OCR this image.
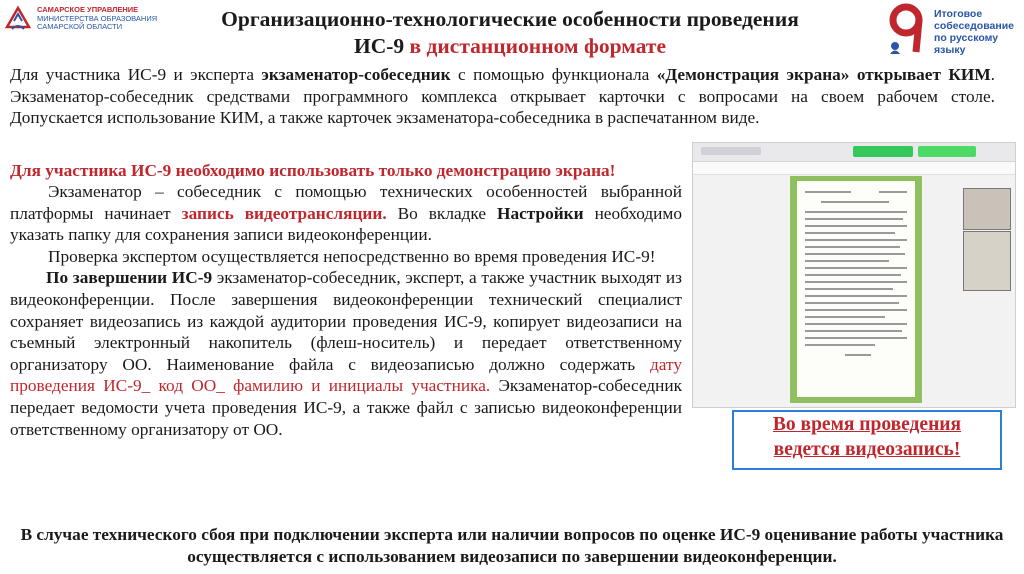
САМАРСКОЕ УПРАВЛЕНИЕ
МИНИСТЕРСТВА ОБРАЗОВАНИЯ
САМАРСКОЙ ОБЛАСТИ	Организационно-технологические особенности проведения
ИС-9 в дистанционном формате
Итоговое
собеседование
по русскому языку
Для участника ИС-9 и эксперта экзаменатор-собеседник с помощью функционала «Демонстрация экрана» открывает КИМ. Экзаменатор-собеседник средствами программного комплекса открывает карточки с вопросами на своем рабочем столе. Допускается использование КИМ, а также карточек экзаменатора-собеседника в распечатанном виде.
Для участника ИС-9 необходимо использовать только демонстрацию экрана!

Экзаменатор – собеседник с помощью технических особенностей выбранной платформы начинает запись видеотрансляции. Во вкладке Настройки необходимо указать папку для сохранения записи видеоконференции.

Проверка экспертом осуществляется непосредственно во время проведения ИС-9!

По завершении ИС-9 экзаменатор-собеседник, эксперт, а также участник выходят из видеоконференции. После завершения видеоконференции технический специалист сохраняет видеозапись из каждой аудитории проведения ИС-9, копирует видеозаписи на съемный электронный накопитель (флеш-носитель) и передает ответственному организатору ОО. Наименование файла с видеозаписью должно содержать дату проведения ИС-9_ код ОО_ фамилию и инициалы участника. Экзаменатор-собеседник передает ведомости учета проведения ИС-9, а также файл с записью видеоконференции ответственному организатору от ОО.	Во время проведения
ведется видеозапись!
В случае технического сбоя при подключении эксперта или наличии вопросов по оценке ИС-9 оценивание работы участника осуществляется с использованием видеозаписи по завершении видеоконференции.
